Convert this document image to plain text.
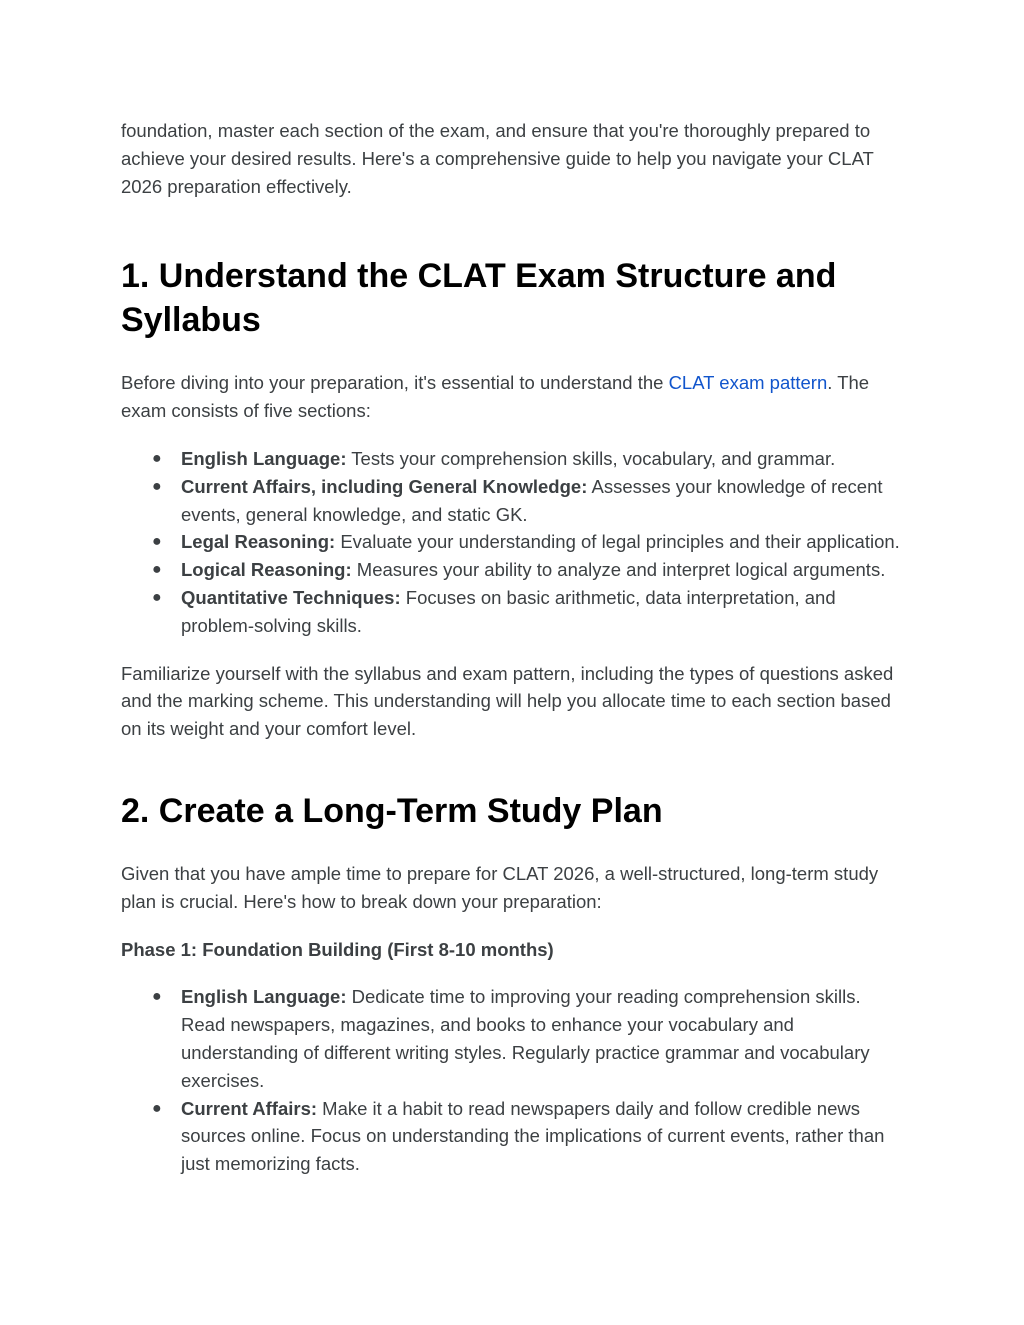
foundation, master each section of the exam, and ensure that you're thoroughly prepared to achieve your desired results. Here's a comprehensive guide to help you navigate your CLAT 2026 preparation effectively.

1. Understand the CLAT Exam Structure and Syllabus

Before diving into your preparation, it's essential to understand the CLAT exam pattern. The exam consists of five sections:

● English Language: Tests your comprehension skills, vocabulary, and grammar.
● Current Affairs, including General Knowledge: Assesses your knowledge of recent events, general knowledge, and static GK.
● Legal Reasoning: Evaluate your understanding of legal principles and their application.
● Logical Reasoning: Measures your ability to analyze and interpret logical arguments.
● Quantitative Techniques: Focuses on basic arithmetic, data interpretation, and problem-solving skills.

Familiarize yourself with the syllabus and exam pattern, including the types of questions asked and the marking scheme. This understanding will help you allocate time to each section based on its weight and your comfort level.

2. Create a Long-Term Study Plan

Given that you have ample time to prepare for CLAT 2026, a well-structured, long-term study plan is crucial. Here's how to break down your preparation:

Phase 1: Foundation Building (First 8-10 months)

● English Language: Dedicate time to improving your reading comprehension skills. Read newspapers, magazines, and books to enhance your vocabulary and understanding of different writing styles. Regularly practice grammar and vocabulary exercises.
● Current Affairs: Make it a habit to read newspapers daily and follow credible news sources online. Focus on understanding the implications of current events, rather than just memorizing facts.
